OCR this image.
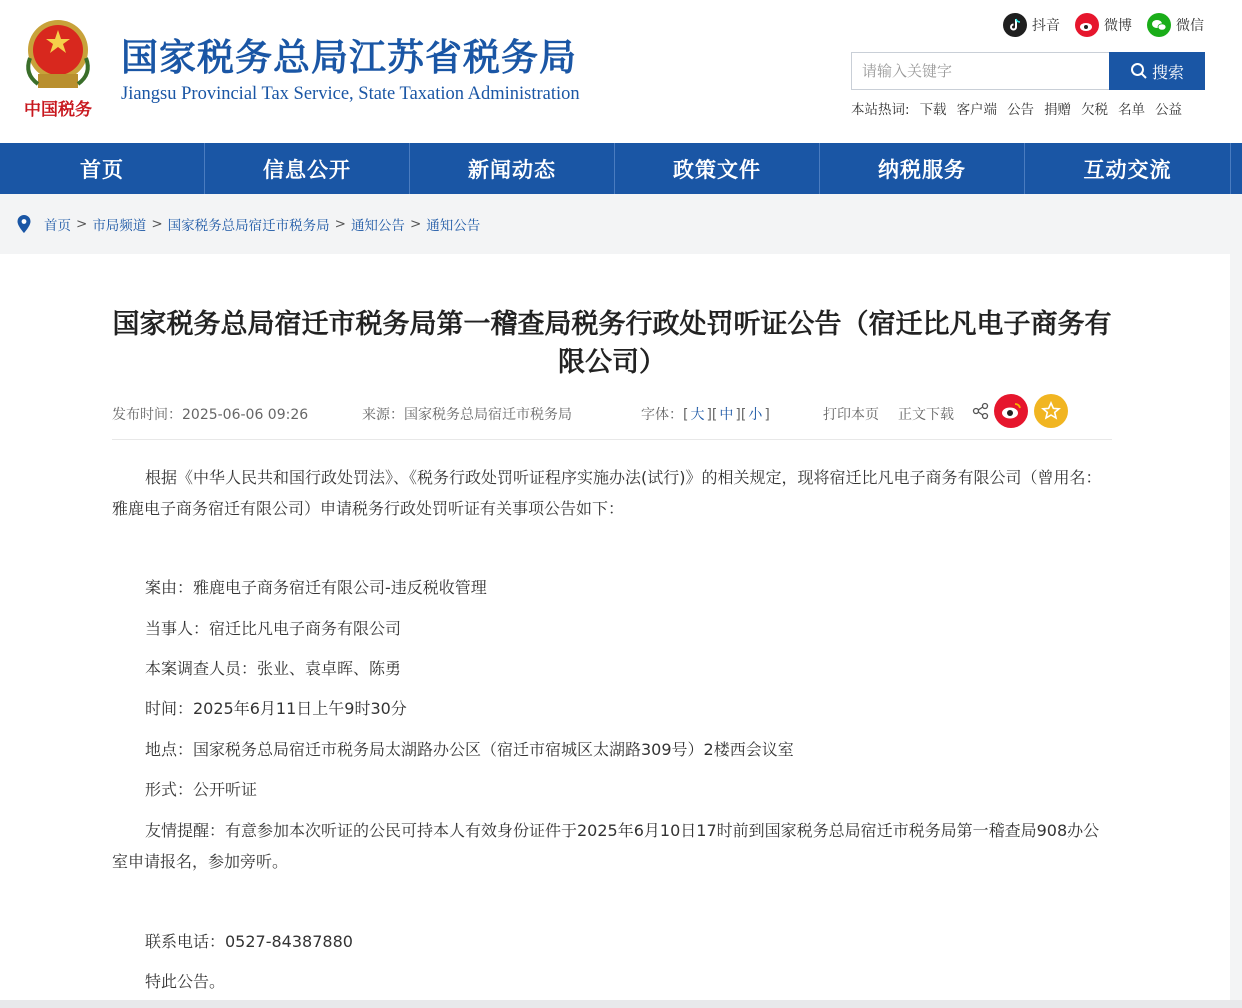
中国税务
国家税务总局江苏省税务局
Jiangsu Provincial Tax Service, State Taxation Administration
抖音	微博	微信
请输入关键字
搜索
本站热词: 下载 客户端 公告 捐赠 欠税 名单 公益
首页	信息公开	新闻动态	政策文件	纳税服务	互动交流
首页 > 市局频道 > 国家税务总局宿迁市税务局 > 通知公告 > 通知公告
国家税务总局宿迁市税务局第一稽查局税务行政处罚听证公告（宿迁比凡电子商务有限公司）
发布时间：2025-06-06 09:26	来源：国家税务总局宿迁市税务局	字体：[ 大 ][ 中 ][ 小 ]	打印本页 正文下载

根据《中华人民共和国行政处罚法》、《税务行政处罚听证程序实施办法(试行)》的相关规定，现将宿迁比凡电子商务有限公司（曾用名：雅鹿电子商务宿迁有限公司）申请税务行政处罚听证有关事项公告如下：

案由：雅鹿电子商务宿迁有限公司-违反税收管理

当事人：宿迁比凡电子商务有限公司

本案调查人员：张业、袁卓晖、陈勇

时间：2025年6月11日上午9时30分

地点：国家税务总局宿迁市税务局太湖路办公区（宿迁市宿城区太湖路309号）2楼西会议室

形式：公开听证

友情提醒：有意参加本次听证的公民可持本人有效身份证件于2025年6月10日17时前到国家税务总局宿迁市税务局第一稽查局908办公室申请报名，参加旁听。

联系电话：0527-84387880

特此公告。
